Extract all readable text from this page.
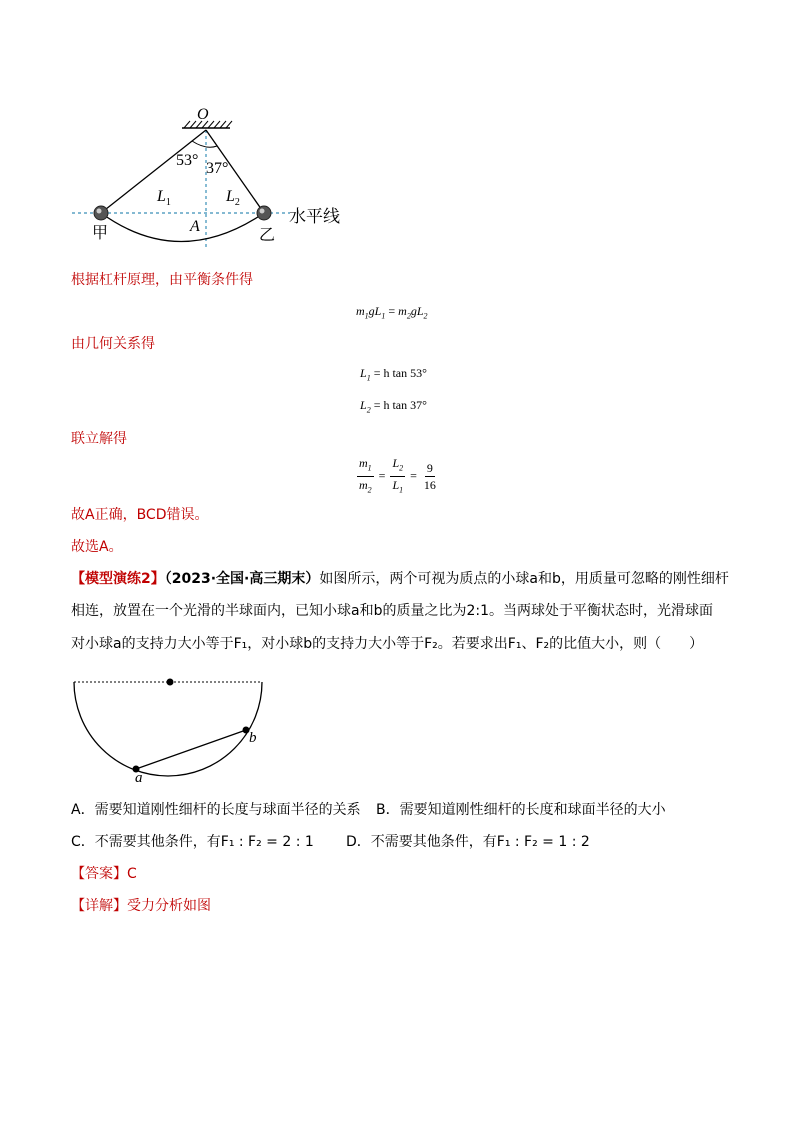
O
53° 37°
$L_1$	$L_2$
A
甲	乙
水平线
根据杠杆原理，由平衡条件得
$m_1gL_1 = m_2gL_2$
由几何关系得
$L_1 = h$ tan 53°
$L_2 = h$ tan 37°
联立解得
$\frac{m_1}{m_2} = \frac{L_2}{L_1} = \frac{9}{16}$
故A正确，BCD错误。
故选A。
【模型演练2】（2023·全国·高三期末）如图所示，两个可视为质点的小球a和b，用质量可忽略的刚性细杆
相连，放置在一个光滑的半球面内，已知小球a和b的质量之比为2:1。当两球处于平衡状态时，光滑球面
对小球a的支持力大小等于F₁，对小球b的支持力大小等于F₂。若要求出F₁、F₂的比值大小，则（　　）
a
b
A．需要知道刚性细杆的长度与球面半径的关系 B．需要知道刚性细杆的长度和球面半径的大小
C．不需要其他条件，有F₁ : F₂ = 2 : 1 D．不需要其他条件，有F₁ : F₂ = 1 : 2
【答案】C
【详解】受力分析如图
